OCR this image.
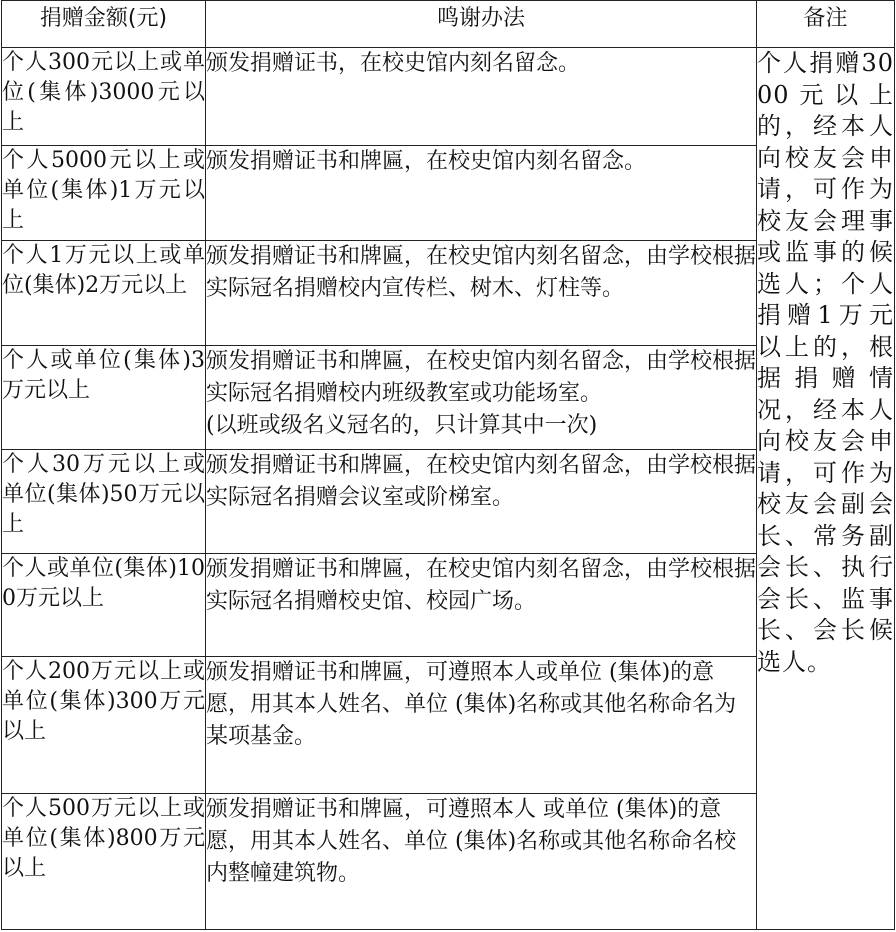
捐赠金额(元)	鸣谢办法	备注
个人300元以上或单位(集体)3000元以上	颁发捐赠证书，在校史馆内刻名留念。	个人捐赠3000元以上的，经本人向校友会申请，可作为校友会理事或监事的候选人；个人捐赠1万元以上的，根据捐赠情况，经本人向校友会申请，可作为校友会副会长、常务副会长、执行会长、监事长、会长候选人。
个人5000元以上或单位(集体)1万元以上	颁发捐赠证书和牌匾，在校史馆内刻名留念。	

个人1万元以上或单位(集体)2万元以上	颁发捐赠证书和牌匾，在校史馆内刻名留念，由学校根据实际冠名捐赠校内宣传栏、树木、灯柱等。	

个人或单位(集体)3万元以上	颁发捐赠证书和牌匾，在校史馆内刻名留念，由学校根据实际冠名捐赠校内班级教室或功能场室。
(以班或级名义冠名的，只计算其中一次)	

个人30万元以上或单位(集体)50万元以上	颁发捐赠证书和牌匾，在校史馆内刻名留念，由学校根据实际冠名捐赠会议室或阶梯室。	

个人或单位(集体)100万元以上	颁发捐赠证书和牌匾，在校史馆内刻名留念，由学校根据实际冠名捐赠校史馆、校园广场。	

个人200万元以上或单位(集体)300万元以上	颁发捐赠证书和牌匾，可遵照本人或单位 (集体)的意愿，用其本人姓名、单位 (集体)名称或其他名称命名为某项基金。	

个人500万元以上或单位(集体)800万元以上	颁发捐赠证书和牌匾，可遵照本人 或单位 (集体)的意愿，用其本人姓名、单位 (集体)名称或其他名称命名校内整幢建筑物。	
